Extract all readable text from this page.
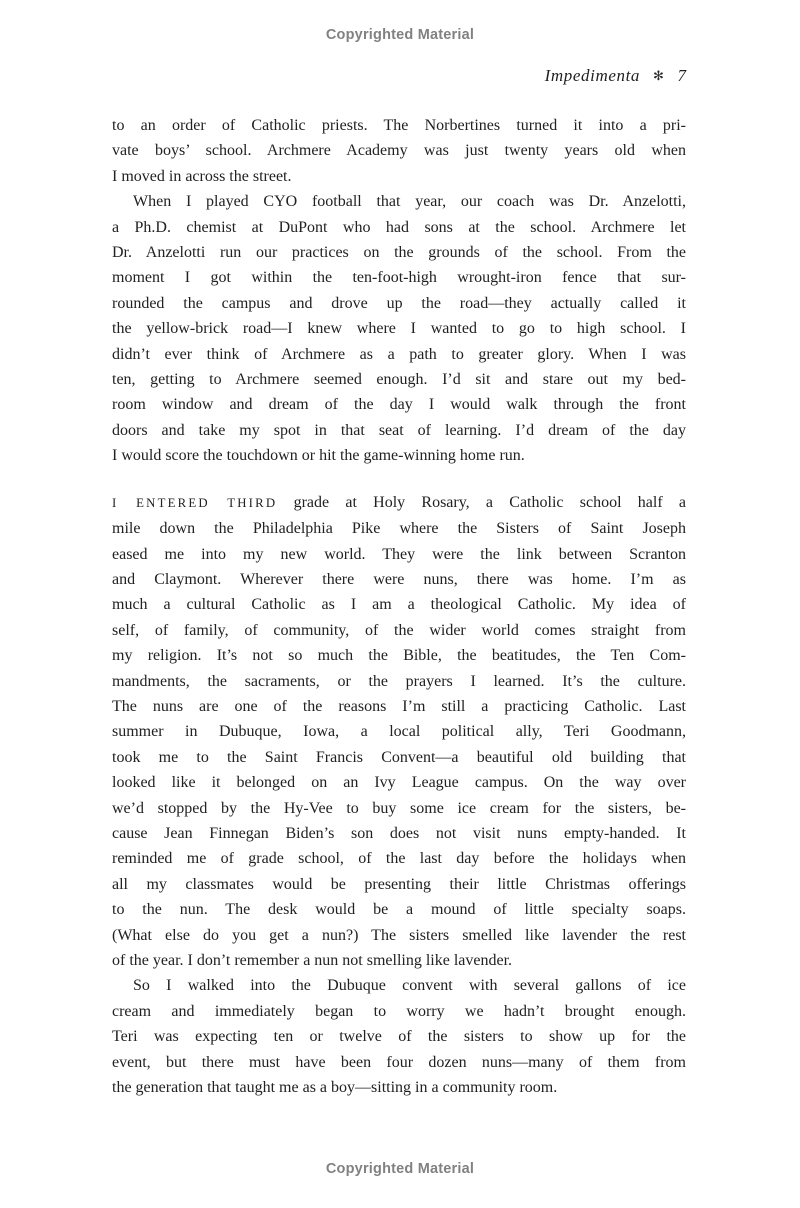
Copyrighted Material
Impedimenta ✻ 7
to an order of Catholic priests. The Norbertines turned it into a pri-
vate boys’ school. Archmere Academy was just twenty years old when
I moved in across the street.
When I played CYO football that year, our coach was Dr. Anzelotti,
a Ph.D. chemist at DuPont who had sons at the school. Archmere let
Dr. Anzelotti run our practices on the grounds of the school. From the
moment I got within the ten-foot-high wrought-iron fence that sur-
rounded the campus and drove up the road—they actually called it
the yellow-brick road—I knew where I wanted to go to high school. I
didn’t ever think of Archmere as a path to greater glory. When I was
ten, getting to Archmere seemed enough. I’d sit and stare out my bed-
room window and dream of the day I would walk through the front
doors and take my spot in that seat of learning. I’d dream of the day
I would score the touchdown or hit the game-winning home run.
I ENTERED THIRD grade at Holy Rosary, a Catholic school half a
mile down the Philadelphia Pike where the Sisters of Saint Joseph
eased me into my new world. They were the link between Scranton
and Claymont. Wherever there were nuns, there was home. I’m as
much a cultural Catholic as I am a theological Catholic. My idea of
self, of family, of community, of the wider world comes straight from
my religion. It’s not so much the Bible, the beatitudes, the Ten Com-
mandments, the sacraments, or the prayers I learned. It’s the culture.
The nuns are one of the reasons I’m still a practicing Catholic. Last
summer in Dubuque, Iowa, a local political ally, Teri Goodmann,
took me to the Saint Francis Convent—a beautiful old building that
looked like it belonged on an Ivy League campus. On the way over
we’d stopped by the Hy-Vee to buy some ice cream for the sisters, be-
cause Jean Finnegan Biden’s son does not visit nuns empty-handed. It
reminded me of grade school, of the last day before the holidays when
all my classmates would be presenting their little Christmas offerings
to the nun. The desk would be a mound of little specialty soaps.
(What else do you get a nun?) The sisters smelled like lavender the rest
of the year. I don’t remember a nun not smelling like lavender.
So I walked into the Dubuque convent with several gallons of ice
cream and immediately began to worry we hadn’t brought enough.
Teri was expecting ten or twelve of the sisters to show up for the
event, but there must have been four dozen nuns—many of them from
the generation that taught me as a boy—sitting in a community room.
Copyrighted Material
